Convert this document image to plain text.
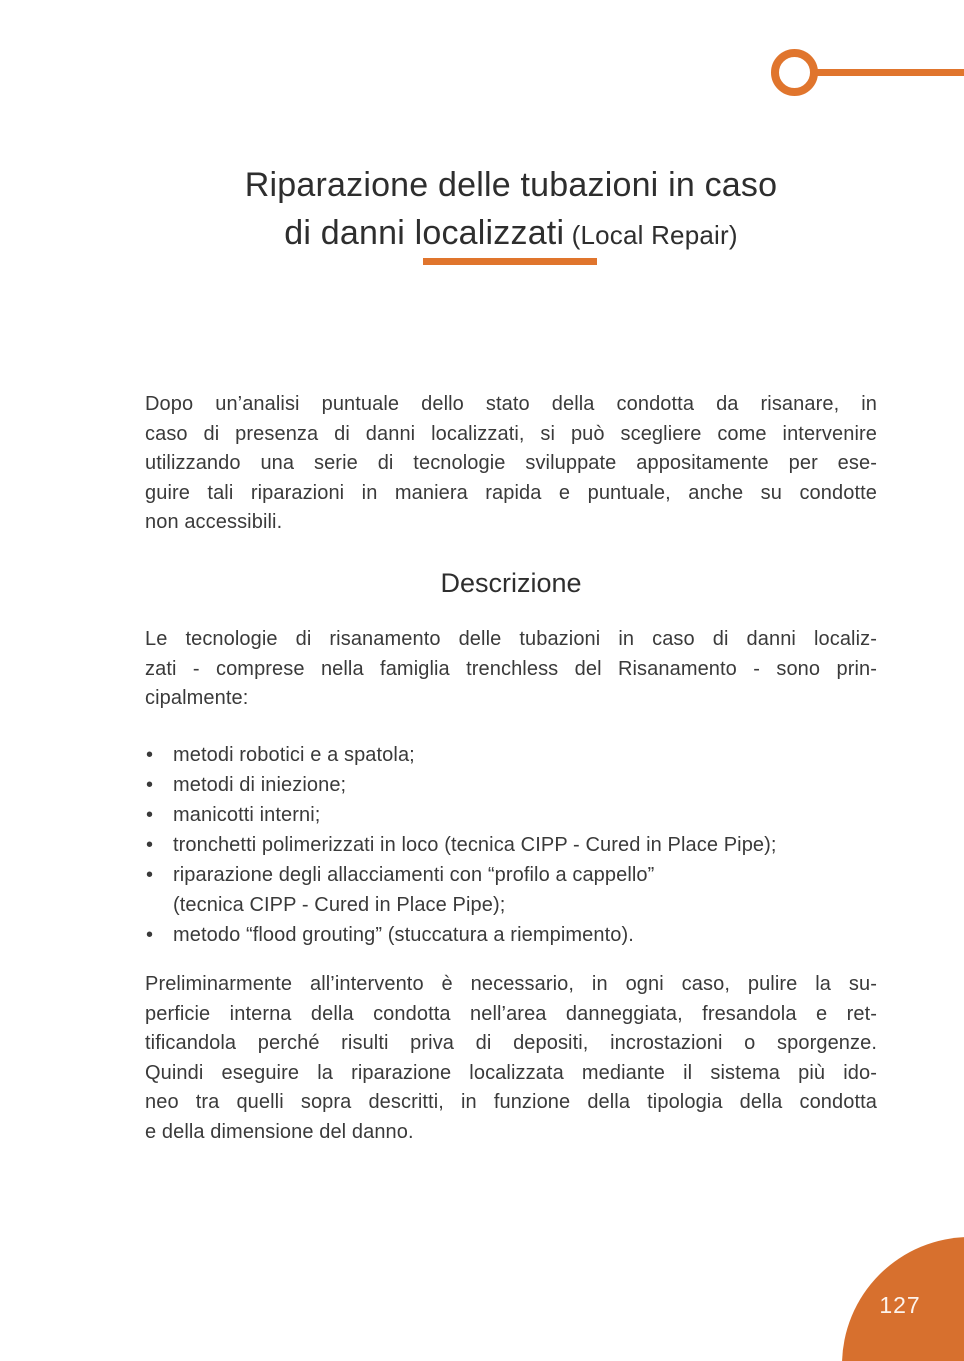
Riparazione delle tubazioni in caso
di danni localizzati (Local Repair)
Dopo un’analisi puntuale dello stato della condotta da risanare, in
caso di presenza di danni localizzati, si può scegliere come intervenire
utilizzando una serie di tecnologie sviluppate appositamente per ese-
guire tali riparazioni in maniera rapida e puntuale, anche su condotte
non accessibili.
Descrizione
Le tecnologie di risanamento delle tubazioni in caso di danni localiz-
zati - comprese nella famiglia trenchless del Risanamento - sono prin-
cipalmente:
• metodi robotici e a spatola;
• metodi di iniezione;
• manicotti interni;
• tronchetti polimerizzati in loco (tecnica CIPP - Cured in Place Pipe);
• riparazione degli allacciamenti con “profilo a cappello”
(tecnica CIPP - Cured in Place Pipe);
• metodo “flood grouting” (stuccatura a riempimento).
Preliminarmente all’intervento è necessario, in ogni caso, pulire la su-
perficie interna della condotta nell’area danneggiata, fresandola e ret-
tificandola perché risulti priva di depositi, incrostazioni o sporgenze.
Quindi eseguire la riparazione localizzata mediante il sistema più ido-
neo tra quelli sopra descritti, in funzione della tipologia della condotta
e della dimensione del danno.
127
